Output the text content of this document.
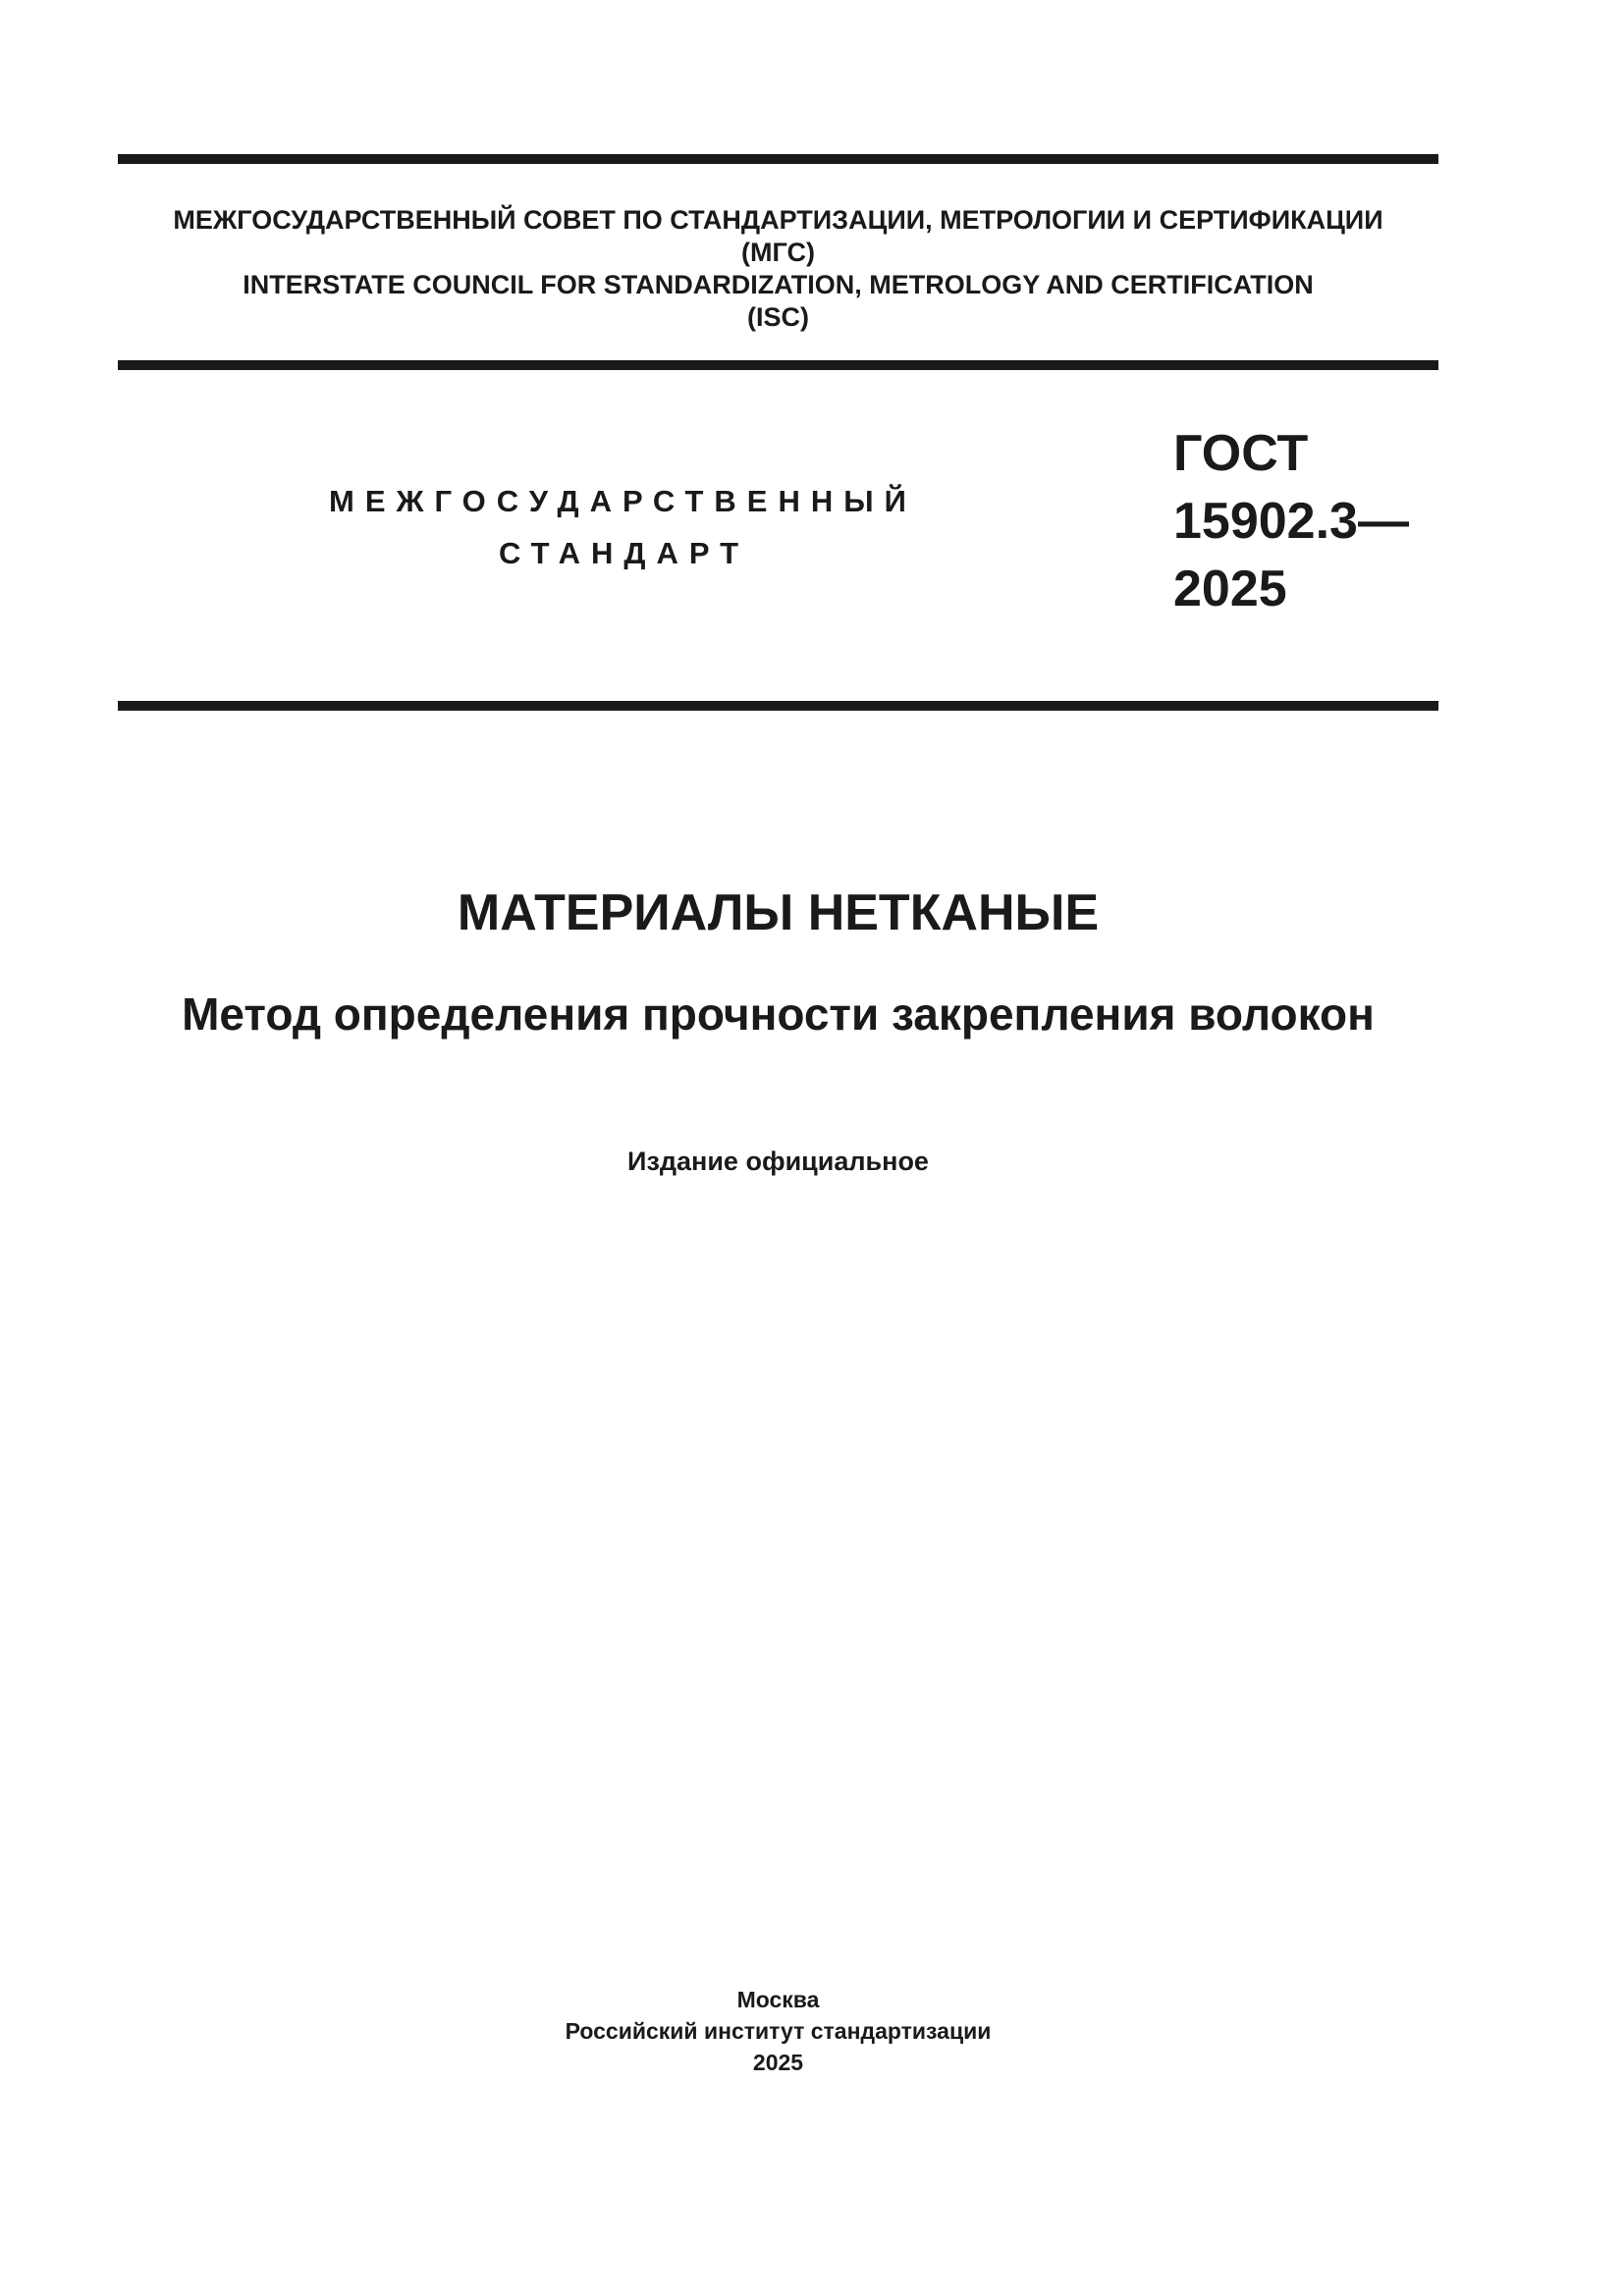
МЕЖГОСУДАРСТВЕННЫЙ СОВЕТ ПО СТАНДАРТИЗАЦИИ, МЕТРОЛОГИИ И СЕРТИФИКАЦИИ
(МГС)
INTERSTATE COUNCIL FOR STANDARDIZATION, METROLOGY AND CERTIFICATION
(ISC)
МЕЖГОСУДАРСТВЕННЫЙ
СТАНДАРТ
ГОСТ
15902.3—
2025
МАТЕРИАЛЫ НЕТКАНЫЕ
Метод определения прочности закрепления волокон
Издание официальное
Москва
Российский институт стандартизации
2025
